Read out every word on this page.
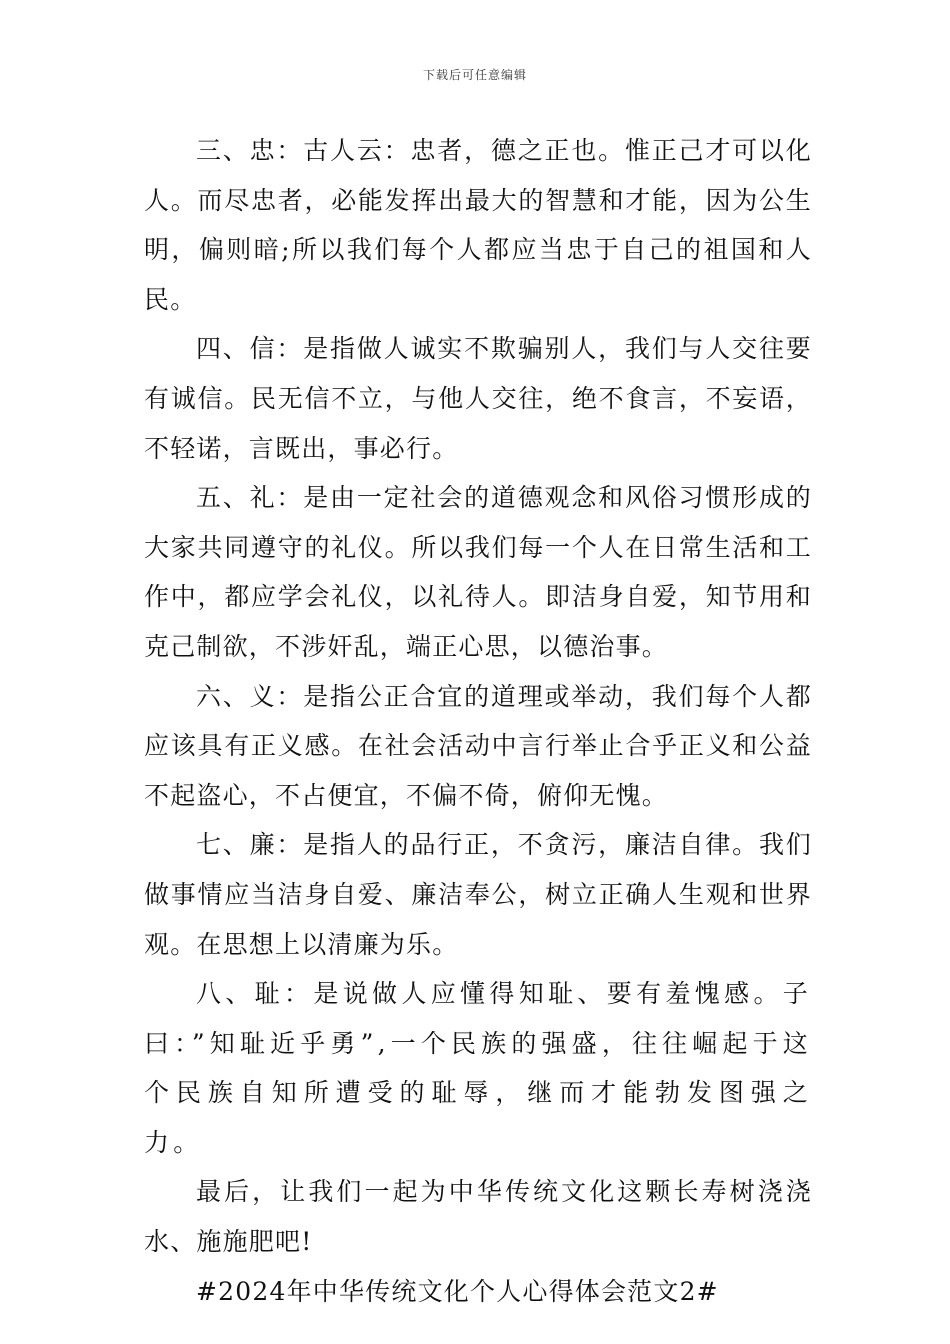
下载后可任意编辑

三、忠：古人云：忠者，德之正也。惟正己才可以化人。而尽忠者，必能发挥出最大的智慧和才能，因为公生明，偏则暗;所以我们每个人都应当忠于自己的祖国和人民。

四、信：是指做人诚实不欺骗别人，我们与人交往要有诚信。民无信不立，与他人交往，绝不食言，不妄语，不轻诺，言既出，事必行。

五、礼：是由一定社会的道德观念和风俗习惯形成的大家共同遵守的礼仪。所以我们每一个人在日常生活和工作中，都应学会礼仪，以礼待人。即洁身自爱，知节用和克己制欲，不涉奸乱，端正心思，以德治事。

六、义：是指公正合宜的道理或举动，我们每个人都应该具有正义感。在社会活动中言行举止合乎正义和公益不起盗心，不占便宜，不偏不倚，俯仰无愧。

七、廉：是指人的品行正，不贪污，廉洁自律。我们做事情应当洁身自爱、廉洁奉公，树立正确人生观和世界观。在思想上以清廉为乐。

八、耻：是说做人应懂得知耻、要有羞愧感。子曰：”知耻近乎勇”,一个民族的强盛，往往崛起于这个民族自知所遭受的耻辱，继而才能勃发图强之力。

最后，让我们一起为中华传统文化这颗长寿树浇浇水、施施肥吧!

#2024年中华传统文化个人心得体会范文2#
